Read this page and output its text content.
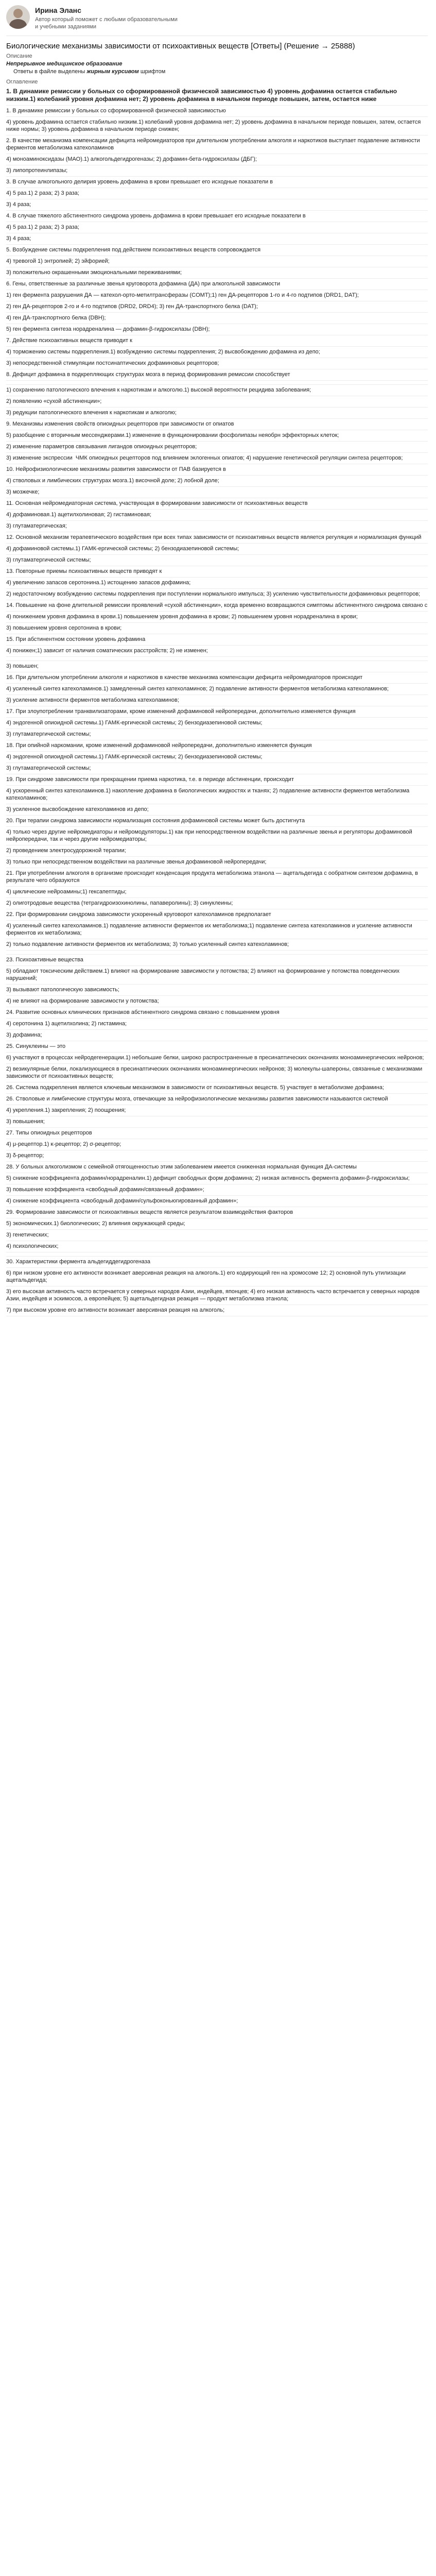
Ирина Эланс
Автор который поможет с любыми образовательными и учебными заданиями
Биологические механизмы зависимости от психоактивных веществ [Ответы] (Решение → 25888)
Описание
Непрерывное медицинское образование
Ответы в файле выделены жирным курсивом шрифтом
Оглавление
1. В динамике ремиссии у больных со сформированной физической зависимостью 4) уровень дофамина остается стабильно низким.1) колебаний уровня дофамина нет; 2) уровень дофамина в начальном периоде повышен, затем, остается ниже
1. В динамике ремиссии у больных со сформированной физической зависимостью
4) уровень дофамина остается стабильно низким.1) колебаний уровня дофамина нет; 2) уровень дофамина в начальном периоде повышен, затем, остается ниже нормы; 3) уровень дофамина в начальном периоде снижен;
2. В качестве механизма компенсации дефицита нейромедиаторов при длительном употреблении алкоголя и наркотиков выступает подавление активности ферментов метаболизма катехоламинов
4) моноаминоксидазы (МАО).1) алкогольдегидрогеназы; 2) дофамин-бета-гидроксилазы (ДБГ);
3) липопротеинлипазы;
3. В случае алкогольного делирия уровень дофамина в крови превышает его исходные показатели в
4) 5 раз.1) 2 раза; 2) 3 раза;
3) 4 раза;
4. В случае тяжелого абстинентного синдрома уровень дофамина в крови превышает его исходные показатели в
4) 5 раз.1) 2 раза; 2) 3 раза;
3) 4 раза;
5. Возбуждение системы подкрепления под действием психоактивных веществ сопровождается
4) тревогой 1) энтропией; 2) эйфорией;
3) положительно окрашенными эмоциональными переживаниями;
6. Гены, ответственные за различные звенья круговорота дофамина (ДА) при алкогольной зависимости
1) ген фермента разрушения ДА — катехол-орто-метилтрансферазы (COMT);1) ген ДА-рецепторов 1-го и 4-го подтипов (DRD1, DAT);
2) ген ДА-рецепторов 2-го и 4-го подтипов (DRD2, DRD4); 3) ген ДА-транспортного белка (DAT);
4) ген ДА-транспортного белка (DBH);
5) ген фермента синтеза норадреналина — дофамин-β-гидроксилазы (DBH);
7. Действие психоактивных веществ приводит к
4) торможению системы подкрепления.1) возбуждению системы подкрепления; 2) высвобождению дофамина из депо;
3) непосредственной стимуляции постсинаптических дофаминовых рецепторов;
8. Дефицит дофамина в подкрепляющих структурах мозга в период формирования ремиссии способствует
1) сохранению патологического влечения к наркотикам и алкоголю.1) высокой вероятности рецидива заболевания;
2) появлению «сухой абстиненции»;
3) редукции патологического влечения к наркотикам и алкоголю;
9. Механизмы изменения свойств опиоидных рецепторов при зависимости от опиатов
5) разобщение с вторичным мессенджерами.1) изменение в функционировании фосфолипазы неяобрн эффекторных клеток;
2) изменение параметров связывания лигандов опиоидных рецепторов;
3) изменение экспрессии  ЧМК опиоидных рецепторов под влиянием эклогенных опиатов; 4) нарушение генетической регуляции синтеза рецепторов;
10. Нейрофизиологические механизмы развития зависимости от ПАВ базируется в
4) стволовых и лимбических структурах мозга.1) височной доле; 2) лобной доле;
3) мозжечке;
11. Основная нейромедиаторная система, участвующая в формировании зависимости от психоактивных веществ
4) дофаминовая.1) ацетилхолиновая; 2) гистаминовая;
3) глутаматергическая;
12. Основной механизм терапевтического воздействия при всех типах зависимости от психоактивных веществ является регуляция и нормализация функций
4) дофаминовой системы.1) ГАМК-ергической системы; 2) бензодиазепиновой системы;
3) глутаматергической системы;
13. Повторные приемы психоактивных веществ приводят к
4) увеличению запасов серотонина.1) истощению запасов дофамина;
2) недостаточному возбуждению системы подкрепления при поступлении нормального импульса; 3) усилению чувствительности дофаминовых рецепторов;
14. Повышение на фоне длительной ремиссии проявлений «сухой абстиненции», когда временно возвращаются симптомы абстинентного синдрома связано с
4) понижением уровня дофамина в крови.1) повышением уровня дофамина в крови; 2) повышением уровня норадреналина в крови;
3) повышением уровня серотонина в крови;
15. При абстинентном состоянии уровень дофамина
4) понижен;1) зависит от наличия соматических расстройств; 2) не изменен;
3) повышен;
16. При длительном употреблении алкоголя и наркотиков в качестве механизма компенсации дефицита нейромедиаторов происходит
4) усиленный синтез катехоламинов.1) замедленный синтез катехоламинов; 2) подавление активности ферментов метаболизма катехоламинов;
3) усиление активности ферментов метаболизма катехоламинов;
17. При злоупотреблении транквилизаторами, кроме изменений дофаминовой нейропередачи, дополнительно изменяется функция
4) эндогенной опиоидной системы.1) ГАМК-ергической системы; 2) бензодиазепиновой системы;
3) глутаматергической системы;
18. При опийной наркомании, кроме изменений дофаминовой нейропередачи, дополнительно изменяется функция
4) эндогенной опиоидной системы.1) ГАМК-ергической системы; 2) бензодиазепиновой системы;
3) глутаматергической системы;
19. При синдроме зависимости при прекращении приема наркотика, т.е. в периоде абстиненции, происходит
4) ускоренный синтез катехоламинов.1) накопление дофамина в биологических жидкостях и тканях; 2) подавление активности ферментов метаболизма катехоламинов;
3) усиленное высвобождение катехоламинов из депо;
20. При терапии синдрома зависимости нормализация состояния дофаминовой системы может быть достигнута
4) только через другие нейромедиаторы и нейромодуляторы.1) как при непосредственном воздействии на различные звенья и регуляторы дофаминовой нейропередачи, так и через другие нейромедиаторы;
2) проведением электросудорожной терапии;
3) только при непосредственном воздействии на различные звенья дофаминовой нейропередачи;
21. При употреблении алкоголя в организме происходит конденсация продукта метаболизма этанола — ацетальдегида с ообратном синтезом дофамина, в результате чего образуются
4) циклические нейроамины;1) гексапептиды;
2) олиготродовые вещества (тетрагидроизохинолины, папаверолины); 3) синуклеины;
22. При формировании синдрома зависимости ускоренный круговорот катехоламинов предполагает
4) усиленный синтез катехоламинов.1) подавление активности ферментов их метаболизма;1) подавление синтеза катехоламинов и усиление активности ферментов их метаболизма;
2) только подавление активности ферментов их метаболизма; 3) только усиленный синтез катехоламинов;
23. Психоактивные вещества
5) обладают токсическим действием.1) влияют на формирование зависимости у потомства; 2) влияют на формирование у потомства поведенческих нарушений;
3) вызывают патологическую зависимость;
4) не влияют на формирование зависимости у потомства;
24. Развитие основных клинических признаков абстинентного синдрома связано с повышением уровня
4) серотонина 1) ацетилхолина; 2) гистамина;
3) дофамина;
25. Синуклеины — это
6) участвуют в процессах нейродегенерации.1) небольшие белки, широко распространенные в пресинаптических окончаниях моноаминергических нейронов;
2) везикулярные белки, локализующиеся в пресинаптических окончаниях моноаминергических нейронов; 3) молекулы-шапероны, связанные с механизмами зависимости от психоактивных веществ;
26. Система подкрепления является ключевым механизмом в зависимости от психоактивных веществ. 5) участвует в метаболизме дофамина;
26. Стволовые и лимбические структуры мозга, отвечающие за нейрофизиологические механизмы развития зависимости называются системой
4) укрепления.1) закрепления; 2) поощрения;
3) повышения;
27. Типы опиоидных рецепторов
4) μ-рецептор.1) κ-рецептор; 2) σ-рецептор;
3) δ-рецептор;
28. У больных алкоголизмом с семейной отягощенностью этим заболеванием имеется сниженная нормальная функция ДА-системы
5) снижение коэффициента дофамин/норадреналин.1) дефицит свободных форм дофамина; 2) низкая активность фермента дофамин-β-гидроксилазы;
3) повышение коэффициента «свободный дофамин/связанный дофамин»;
4) снижение коэффициента «свободный дофамин/сульфоконьюгированный дофамин»;
29. Формирование зависимости от психоактивных веществ является результатом взаимодействия факторов
5) экономических.1) биологических; 2) влияния окружающей среды;
3) генетических;
4) психологических;
30. Характеристики фермента альдегиддегидрогеназа
6) при низком уровне его активности возникает аверсивная реакция на алкоголь.1) его кодирующий ген на хромосоме 12; 2) основной путь утилизации ацетальдегида;
3) его высокая активность часто встречается у северных народов Азии, индейцев, японцев; 4) его низкая активность часто встречается у северных народов Азии, индейцев и эскимосов, а европейцев; 5) ацетальдегидная реакция — продукт метаболизма этанола;
7) при высоком уровне его активности возникает аверсивная реакция на алкоголь;
